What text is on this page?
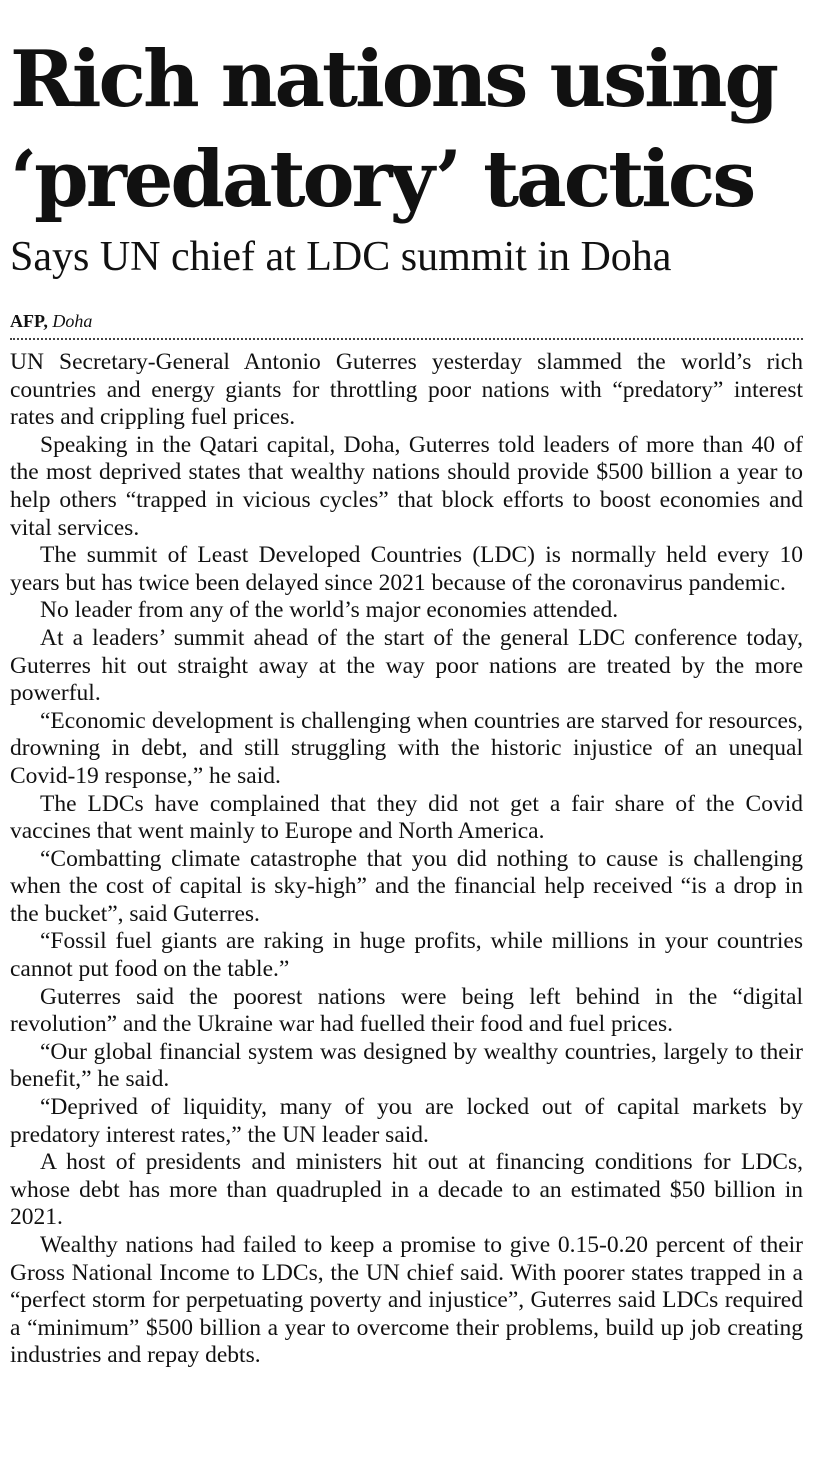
Rich nations using
‘predatory’ tactics
Says UN chief at LDC summit in Doha
AFP, Doha

UN Secretary-General Antonio Guterres yesterday slammed the world’s rich countries and energy giants for throttling poor nations with “predatory” interest rates and crippling fuel prices.

Speaking in the Qatari capital, Doha, Guterres told leaders of more than 40 of the most deprived states that wealthy nations should provide $500 billion a year to help others “trapped in vicious cycles” that block efforts to boost economies and vital services.

The summit of Least Developed Countries (LDC) is normally held every 10 years but has twice been delayed since 2021 because of the coronavirus pandemic.

No leader from any of the world’s major economies attended.

At a leaders’ summit ahead of the start of the general LDC conference today, Guterres hit out straight away at the way poor nations are treated by the more powerful.

“Economic development is challenging when countries are starved for resources, drowning in debt, and still struggling with the historic injustice of an unequal Covid-19 response,” he said.

The LDCs have complained that they did not get a fair share of the Covid vaccines that went mainly to Europe and North America.

“Combatting climate catastrophe that you did nothing to cause is challenging when the cost of capital is sky-high” and the financial help received “is a drop in the bucket”, said Guterres.

“Fossil fuel giants are raking in huge profits, while millions in your countries cannot put food on the table.”

Guterres said the poorest nations were being left behind in the “digital revolution” and the Ukraine war had fuelled their food and fuel prices.

“Our global financial system was designed by wealthy countries, largely to their benefit,” he said.

“Deprived of liquidity, many of you are locked out of capital markets by predatory interest rates,” the UN leader said.

A host of presidents and ministers hit out at financing conditions for LDCs, whose debt has more than quadrupled in a decade to an estimated $50 billion in 2021.

Wealthy nations had failed to keep a promise to give 0.15-0.20 percent of their Gross National Income to LDCs, the UN chief said. With poorer states trapped in a “perfect storm for perpetuating poverty and injustice”, Guterres said LDCs required a “minimum” $500 billion a year to overcome their problems, build up job creating industries and repay debts.
